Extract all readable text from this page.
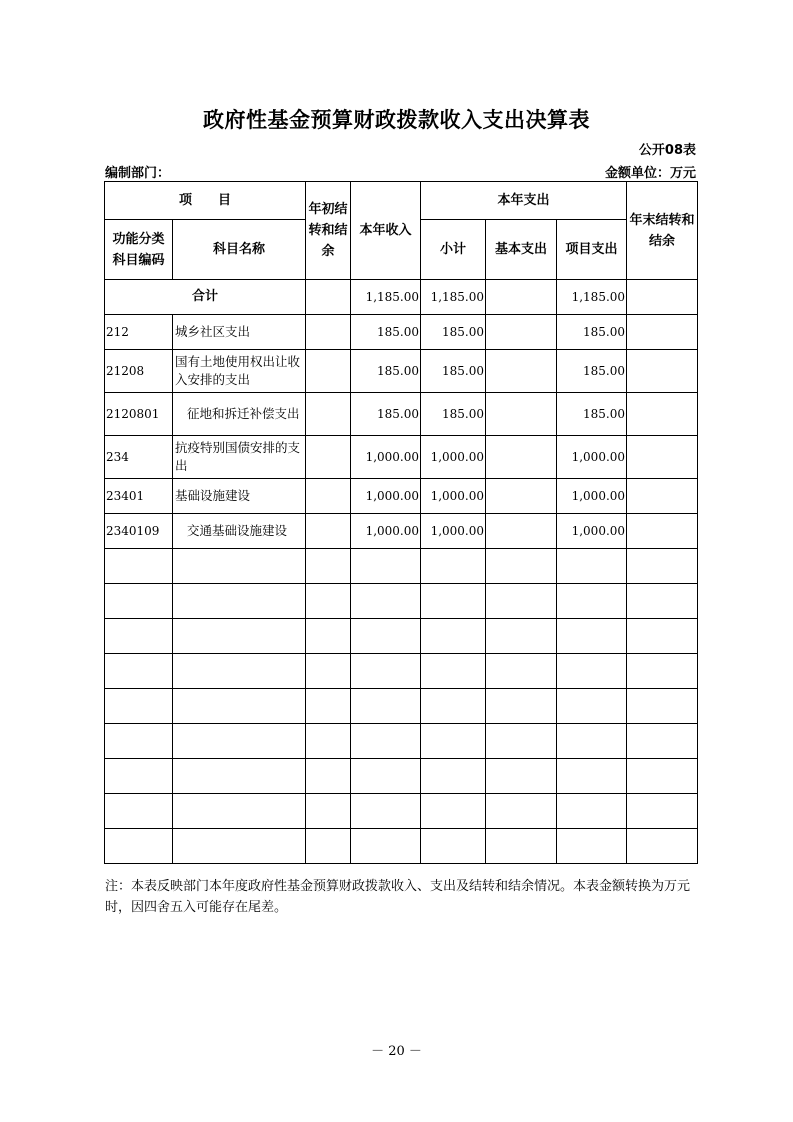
政府性基金预算财政拨款收入支出决算表
公开08表
编制部门：	金额单位：万元
项　　目		年初结转和结余	本年收入	本年支出			年末结转和结余
功能分类科目编码	科目名称			小计	基本支出	项目支出	
合计			1,185.00	1,185.00		1,185.00	
212	城乡社区支出		185.00	185.00		185.00	
21208	国有土地使用权出让收入安排的支出		185.00	185.00		185.00	
2120801	征地和拆迁补偿支出		185.00	185.00		185.00	
234	抗疫特别国债安排的支出		1,000.00	1,000.00		1,000.00	
23401	基础设施建设		1,000.00	1,000.00		1,000.00	
2340109	交通基础设施建设		1,000.00	1,000.00		1,000.00	

注：本表反映部门本年度政府性基金预算财政拨款收入、支出及结转和结余情况。本表金额转换为万元时，因四舍五入可能存在尾差。
－ 20 －
